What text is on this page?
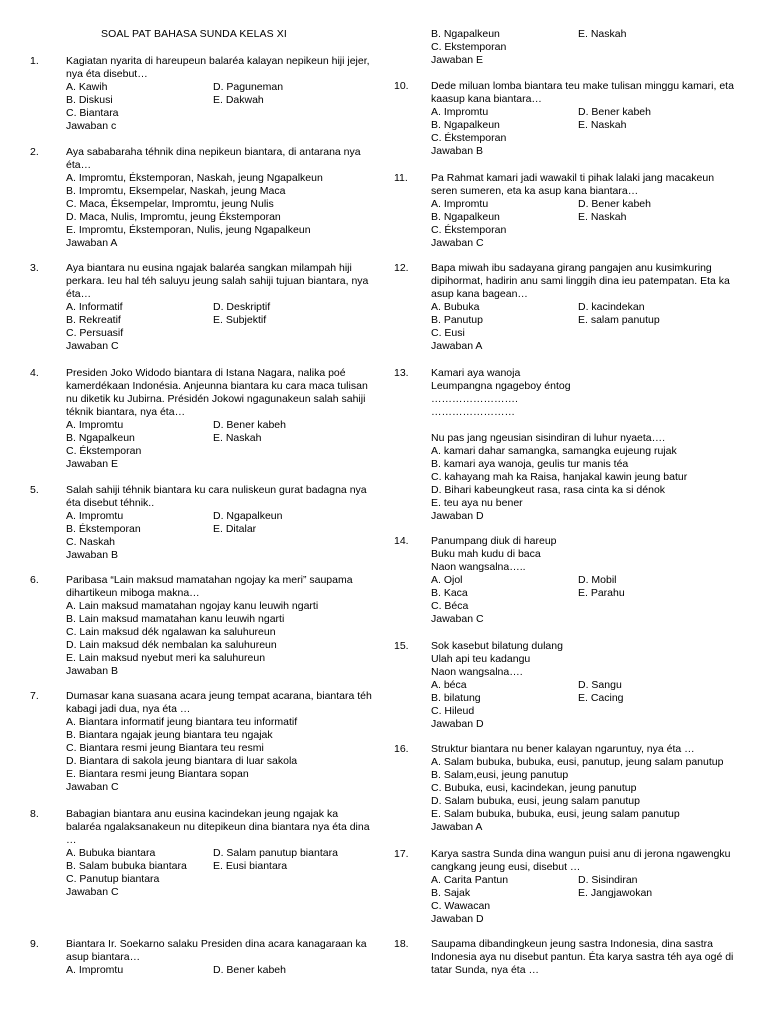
SOAL PAT BAHASA SUNDA KELAS XI
1.	Kagiatan nyarita di hareupeun balaréa kalayan nepikeun hiji jejer,
nya éta disebut…
A. Kawih	D. Paguneman
B. Diskusi	E. Dakwah
C. Biantara
Jawaban c
2.	Aya sababaraha téhnik dina nepikeun biantara, di antarana nya
éta…
A. Impromtu, Ékstemporan, Naskah, jeung Ngapalkeun
B. Impromtu, Eksempelar, Naskah, jeung Maca
C. Maca, Éksempelar, Impromtu, jeung Nulis
D. Maca, Nulis, Impromtu, jeung Ékstemporan
E. Impromtu, Ékstemporan, Nulis, jeung Ngapalkeun
Jawaban A
3.	Aya biantara nu eusina ngajak balaréa sangkan milampah hiji
perkara. Ieu hal téh saluyu jeung salah sahiji tujuan biantara, nya
éta…
A. Informatif	D. Deskriptif
B. Rekreatif	E. Subjektif
C. Persuasif
Jawaban C
4.	Presiden Joko Widodo biantara di Istana Nagara, nalika poé
kamerdékaan Indonésia. Anjeunna biantara ku cara maca tulisan
nu diketik ku Jubirna. Présidén Jokowi ngagunakeun salah sahiji
téknik biantara, nya éta…
A. Impromtu	D. Bener kabeh
B. Ngapalkeun	E. Naskah
C. Ékstemporan
Jawaban E
5.	Salah sahiji téhnik biantara ku cara nuliskeun gurat badagna nya
éta disebut téhnik..
A. Impromtu	D. Ngapalkeun
B. Ékstemporan	E. Ditalar
C. Naskah
Jawaban B
6.	Paribasa “Lain maksud mamatahan ngojay ka meri” saupama
dihartikeun miboga makna…
A. Lain maksud mamatahan ngojay kanu leuwih ngarti
B. Lain maksud mamatahan kanu leuwih ngarti
C. Lain maksud dék ngalawan ka saluhureun
D. Lain maksud dék nembalan ka saluhureun
E. Lain maksud nyebut meri ka saluhureun
Jawaban B
7.	Dumasar kana suasana acara jeung tempat acarana, biantara téh
kabagi jadi dua, nya éta …
A. Biantara informatif jeung biantara teu informatif
B. Biantara ngajak jeung biantara teu ngajak
C. Biantara resmi jeung Biantara teu resmi
D. Biantara di sakola jeung biantara di luar sakola
E. Biantara resmi jeung Biantara sopan
Jawaban C
8.	Babagian biantara anu eusina kacindekan jeung ngajak ka
balaréa ngalaksanakeun nu ditepikeun dina biantara nya éta dina
…
A. Bubuka biantara	D. Salam panutup biantara
B. Salam bubuka biantara	E. Eusi biantara
C. Panutup biantara
Jawaban C
9.	Biantara Ir. Soekarno salaku Presiden dina acara kanagaraan ka
asup biantara…
A. Impromtu	D. Bener kabeh
B. Ngapalkeun	E. Naskah
C. Ekstemporan
Jawaban E
10. Dede miluan lomba biantara teu make tulisan minggu kamari, eta
kaasup kana biantara…
A. Impromtu	D. Bener kabeh
B. Ngapalkeun	E. Naskah
C. Ékstemporan
Jawaban B
11. Pa Rahmat kamari jadi wawakil ti pihak lalaki jang macakeun
seren sumeren, eta ka asup kana biantara…
A. Impromtu	D. Bener kabeh
B. Ngapalkeun	E. Naskah
C. Ékstemporan
Jawaban C
12. Bapa miwah ibu sadayana girang pangajen anu kusimkuring
dipihormat, hadirin anu sami linggih dina ieu patempatan. Eta ka
asup kana bagean…
A. Bubuka	D. kacindekan
B. Panutup	E. salam panutup
C. Eusi
Jawaban A
13. Kamari aya wanoja
Leumpangna ngageboy éntog
…………………….
……………………

Nu pas jang ngeusian sisindiran di luhur nyaeta….
A. kamari dahar samangka, samangka eujeung rujak
B. kamari aya wanoja, geulis tur manis téa
C. kahayang mah ka Raisa, hanjakal kawin jeung batur
D. Bihari kabeungkeut rasa, rasa cinta ka si dénok
E. teu aya nu bener
Jawaban D
14. Panumpang diuk di hareup
Buku mah kudu di baca
Naon wangsalna…..
A. Ojol	D. Mobil
B. Kaca	E. Parahu
C. Béca
Jawaban C
15. Sok kasebut bilatung dulang
Ulah api teu kadangu
Naon wangsalna….
A. béca	D. Sangu
B. bilatung	E. Cacing
C. Hileud
Jawaban D
16. Struktur biantara nu bener kalayan ngaruntuy, nya éta …
A. Salam bubuka, bubuka, eusi, panutup, jeung salam panutup
B. Salam,eusi, jeung panutup
C. Bubuka, eusi, kacindekan, jeung panutup
D. Salam bubuka, eusi, jeung salam panutup
E. Salam bubuka, bubuka, eusi, jeung salam panutup
Jawaban A
17. Karya sastra Sunda dina wangun puisi anu di jerona ngawengku
cangkang jeung eusi, disebut …
A. Carita Pantun	D. Sisindiran
B. Sajak	E. Jangjawokan
C. Wawacan
Jawaban D
18. Saupama dibandingkeun jeung sastra Indonesia, dina sastra
Indonesia aya nu disebut pantun. Éta karya sastra téh aya ogé di
tatar Sunda, nya éta …
